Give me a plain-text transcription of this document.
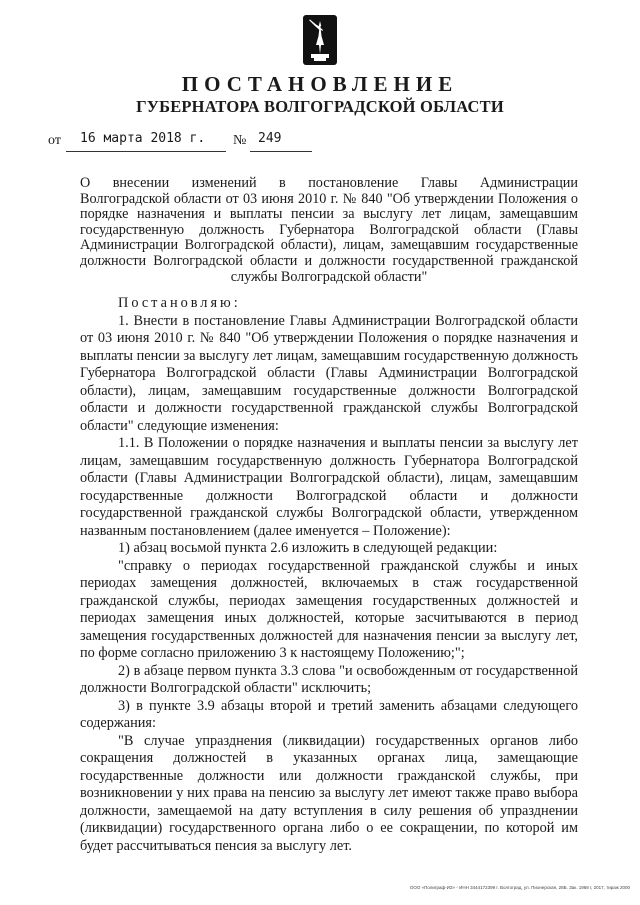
ПОСТАНОВЛЕНИЕ
ГУБЕРНАТОРА ВОЛГОГРАДСКОЙ ОБЛАСТИ
от 16 марта 2018 г. № 249
О внесении изменений в постановление Главы Администрации
Волгоградской области от 03 июня 2010 г. № 840 "Об утверждении Положения о порядке назначения и выплаты пенсии за выслугу лет лицам, замещавшим государственную должность Губернатора Волгоградской области (Главы Администрации Волгоградской области), лицам, замещавшим государственные должности Волгоградской области и должности государственной гражданской службы Волгоградской области"

Постановляю:

1. Внести в постановление Главы Администрации Волгоградской области от 03 июня 2010 г. № 840 "Об утверждении Положения о порядке назначения и выплаты пенсии за выслугу лет лицам, замещавшим государственную должность Губернатора Волгоградской области (Главы Администрации Волгоградской области), лицам, замещавшим государственные должности Волгоградской области и должности государственной гражданской службы Волгоградской области" следующие изменения:

1.1. В Положении о порядке назначения и выплаты пенсии за выслугу лет лицам, замещавшим государственную должность Губернатора Волгоградской области (Главы Администрации Волгоградской области), лицам, замещавшим государственные должности Волгоградской области и должности государственной гражданской службы Волгоградской области, утвержденном названным постановлением (далее именуется – Положение):

1) абзац восьмой пункта 2.6 изложить в следующей редакции:

"справку о периодах государственной гражданской службы и иных периодах замещения должностей, включаемых в стаж государственной гражданской службы, периодах замещения государственных должностей и периодах замещения иных должностей, которые засчитываются в период замещения государственных должностей для назначения пенсии за выслугу лет, по форме согласно приложению 3 к настоящему Положению;";

2) в абзаце первом пункта 3.3 слова "и освобожденным от государственной должности Волгоградской области" исключить;

3) в пункте 3.9 абзацы второй и третий заменить абзацами следующего содержания:

"В случае упразднения (ликвидации) государственных органов либо сокращения должностей в указанных органах лица, замещающие государственные должности или должности гражданской службы, при возникновении у них права на пенсию за выслугу лет имеют также право выбора должности, замещаемой на дату вступления в силу решения об упразднении (ликвидации) государственного органа либо о ее сокращении, по которой им будет рассчитываться пенсия за выслугу лет.

ООО «Полиграф-ИЗ» - ИНН 3444172399 г. Волгоград, ул. Пионерская, 28Б. Зак. 1968 г, 2017, тираж 2000
